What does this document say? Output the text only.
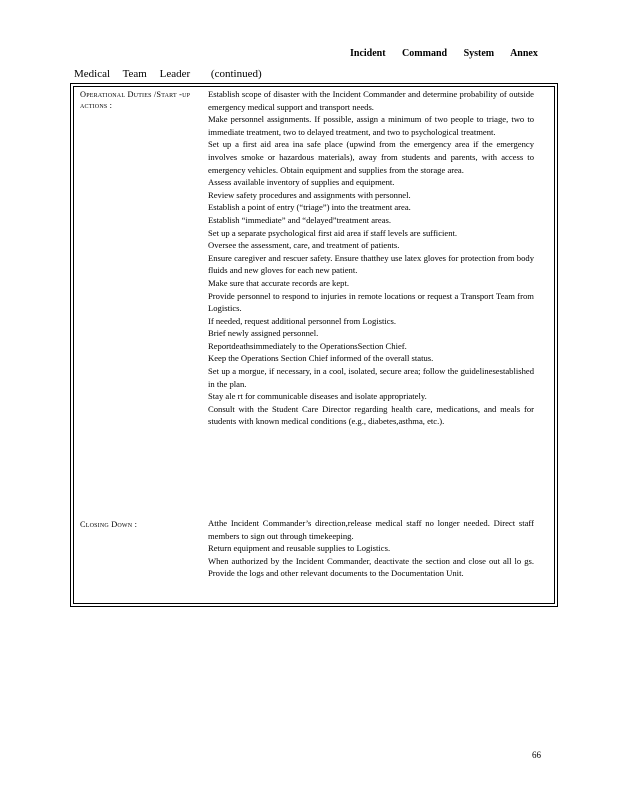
Incident Command System Annex
Medical Team Leader (continued)
Operational Duties /Start -up actions :

Establish scope of disaster with the Incident Commander and determine probability of outside emergency medical support and transport needs.

Make personnel assignments. If possible, assign a minimum of two people to triage, two to immediate treatment, two to delayed treatment, and two to psychological treatment.

Set up a first aid area ina safe place (upwind from the emergency area if the emergency involves smoke or hazardous materials), away from students and parents, with access to emergency vehicles. Obtain equipment and supplies from the storage area.

Assess available inventory of supplies and equipment.

Review safety procedures and assignments with personnel.

Establish a point of entry (“triage”) into the treatment area.

Establish “immediate” and “delayed”treatment areas.

Set up a separate psychological first aid area if staff levels are sufficient.

Oversee the assessment, care, and treatment of patients.

Ensure caregiver and rescuer safety. Ensure thatthey use latex gloves for protection from body fluids and new gloves for each new patient.

Make sure that accurate records are kept.

Provide personnel to respond to injuries in remote locations or request a Transport Team from Logistics.

If needed, request additional personnel from Logistics.

Brief newly assigned personnel.

Reportdeathsimmediately to the OperationsSection Chief.

Keep the Operations Section Chief informed of the overall status.

Set up a morgue, if necessary, in a cool, isolated, secure area; follow the guidelinesestablished in the plan.

Stay ale rt for communicable diseases and isolate appropriately.

Consult with the Student Care Director regarding health care, medications, and meals for students with known medical conditions (e.g., diabetes,asthma, etc.).

Closing Down :	Atthe Incident Commander’s direction,release medical staff no longer needed. Direct staff members to sign out through timekeeping.

Return equipment and reusable supplies to Logistics.

When authorized by the Incident Commander, deactivate the section and close out all lo gs. Provide the logs and other relevant documents to the Documentation Unit.

66
